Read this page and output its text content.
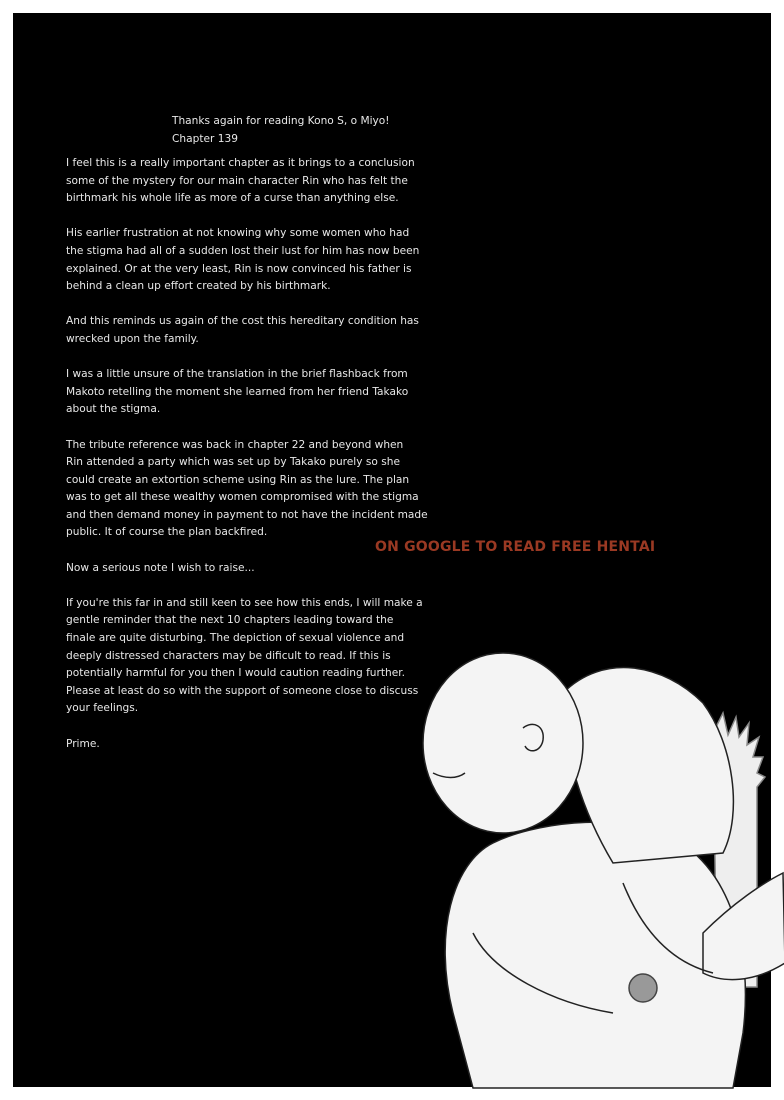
Thanks again for reading Kono S, o Miyo!
Chapter 139
I feel this is a really important chapter as it brings to a conclusion
some of the mystery for our main character Rin who has felt the
birthmark his whole life as more of a curse than anything else.
His earlier frustration at not knowing why some women who had
the stigma had all of a sudden lost their lust for him has now been
explained. Or at the very least, Rin is now convinced his father is
behind a clean up effort created by his birthmark.
And this reminds us again of the cost this hereditary condition has
wrecked upon the family.
I was a little unsure of the translation in the brief flashback from
Makoto retelling the moment she learned from her friend Takako
about the stigma.
The tribute reference was back in chapter 22 and beyond when
Rin attended a party which was set up by Takako purely so she
could create an extortion scheme using Rin as the lure. The plan
was to get all these wealthy women compromised with the stigma
and then demand money in payment to not have the incident made
public. It of course the plan backfired.
Now a serious note I wish to raise...
If you're this far in and still keen to see how this ends, I will make a
gentle reminder that the next 10 chapters leading toward the
finale are quite disturbing. The depiction of sexual violence and
deeply distressed characters may be dificult to read. If this is
potentially harmful for you then I would caution reading further.
Please at least do so with the support of someone close to discuss
your feelings.
Prime.
ON GOOGLE TO READ FREE HENTAI
